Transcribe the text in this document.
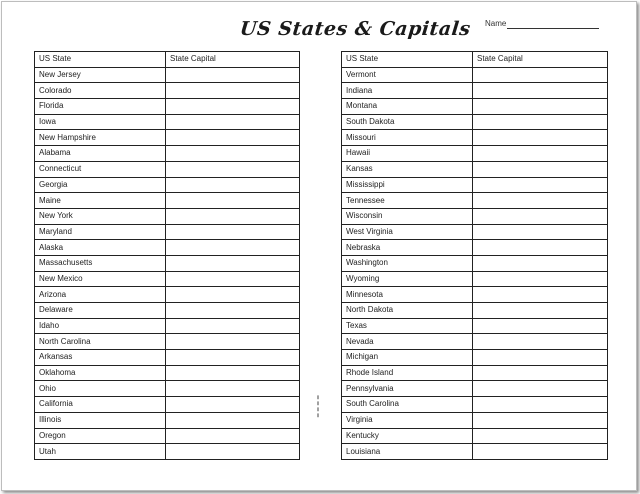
US States & Capitals Name
US State	State Capital
New Jersey	
Colorado	
Florida	
Iowa	
New Hampshire	
Alabama	
Connecticut	
Georgia	
Maine	
New York	
Maryland	
Alaska	
Massachusetts	
New Mexico	
Arizona	
Delaware	
Idaho	
North Carolina	
Arkansas	
Oklahoma	
Ohio	
California	
Illinois	
Oregon	
Utah	
▮▮▮▮
US State	State Capital
Vermont	
Indiana	
Montana	
South Dakota	
Missouri	
Hawaii	
Kansas	
Mississippi	
Tennessee	
Wisconsin	
West Virginia	
Nebraska	
Washington	
Wyoming	
Minnesota	
North Dakota	
Texas	
Nevada	
Michigan	
Rhode Island	
Pennsylvania	
South Carolina	
Virginia	
Kentucky	
Louisiana	
